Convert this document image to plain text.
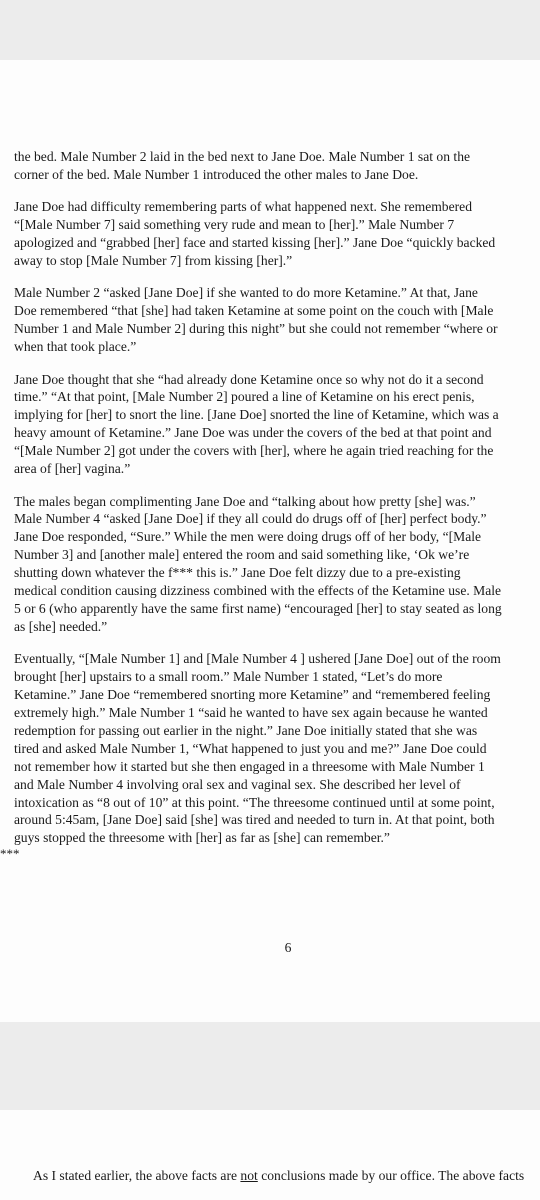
the bed. Male Number 2 laid in the bed next to Jane Doe. Male Number 1 sat on the
corner of the bed. Male Number 1 introduced the other males to Jane Doe.

Jane Doe had difficulty remembering parts of what happened next. She remembered
“[Male Number 7] said something very rude and mean to [her].” Male Number 7
apologized and “grabbed [her] face and started kissing [her].” Jane Doe “quickly backed
away to stop [Male Number 7] from kissing [her].”

Male Number 2 “asked [Jane Doe] if she wanted to do more Ketamine.” At that, Jane
Doe remembered “that [she] had taken Ketamine at some point on the couch with [Male
Number 1 and Male Number 2] during this night” but she could not remember “where or
when that took place.”

Jane Doe thought that she “had already done Ketamine once so why not do it a second
time.” “At that point, [Male Number 2] poured a line of Ketamine on his erect penis,
implying for [her] to snort the line. [Jane Doe] snorted the line of Ketamine, which was a
heavy amount of Ketamine.” Jane Doe was under the covers of the bed at that point and
“[Male Number 2] got under the covers with [her], where he again tried reaching for the
area of [her] vagina.”

The males began complimenting Jane Doe and “talking about how pretty [she] was.”
Male Number 4 “asked [Jane Doe] if they all could do drugs off of [her] perfect body.”
Jane Doe responded, “Sure.” While the men were doing drugs off of her body, “[Male
Number 3] and [another male] entered the room and said something like, ‘Ok we’re
shutting down whatever the f*** this is.” Jane Doe felt dizzy due to a pre-existing
medical condition causing dizziness combined with the effects of the Ketamine use. Male
5 or 6 (who apparently have the same first name) “encouraged [her] to stay seated as long
as [she] needed.”

Eventually, “[Male Number 1] and [Male Number 4 ] ushered [Jane Doe] out of the room
brought [her] upstairs to a small room.” Male Number 1 stated, “Let’s do more
Ketamine.” Jane Doe “remembered snorting more Ketamine” and “remembered feeling
extremely high.” Male Number 1 “said he wanted to have sex again because he wanted
redemption for passing out earlier in the night.” Jane Doe initially stated that she was
tired and asked Male Number 1, “What happened to just you and me?” Jane Doe could
not remember how it started but she then engaged in a threesome with Male Number 1
and Male Number 4 involving oral sex and vaginal sex. She described her level of
intoxication as “8 out of 10” at this point. “The threesome continued until at some point,
around 5:45am, [Jane Doe] said [she] was tired and needed to turn in. At that point, both
guys stopped the threesome with [her] as far as [she] can remember.”

***
6
As I stated earlier, the above facts are not conclusions made by our office. The above facts
